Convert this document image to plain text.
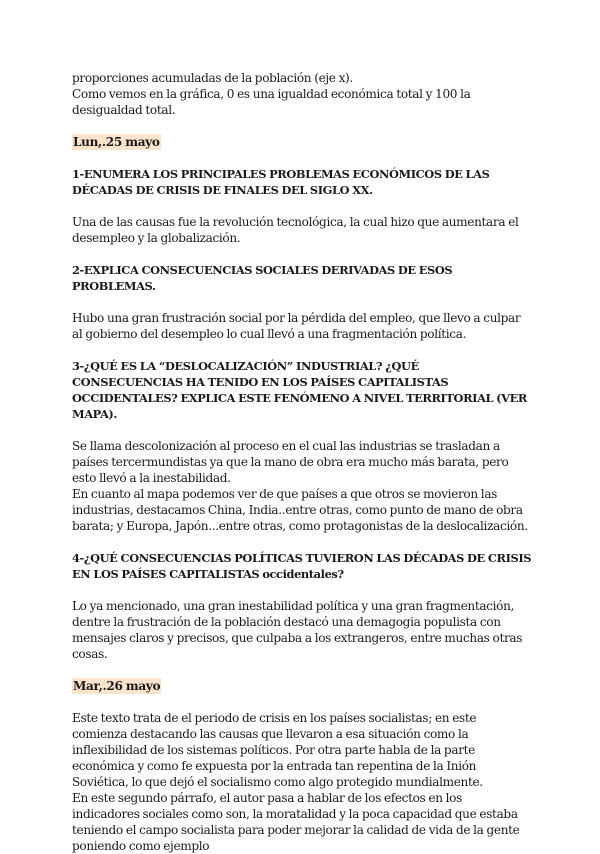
proporciones acumuladas de la población (eje x).

Como vemos en la gráfica, 0 es una igualdad económica total y 100 la desigualdad total.

Lun,.25 mayo

1-ENUMERA LOS PRINCIPALES PROBLEMAS ECONÓMICOS DE LAS DÉCADAS DE CRISIS DE FINALES DEL SIGLO XX.

Una de las causas fue la revolución tecnológica, la cual hizo que aumentara el desempleo y la globalización.

2-EXPLICA CONSECUENCIAS SOCIALES DERIVADAS DE ESOS PROBLEMAS.

Hubo una gran frustración social por la pérdida del empleo, que llevo a culpar al gobierno del desempleo lo cual llevó a una fragmentación política.

3-¿QUÉ ES LA “DESLOCALIZACIÓN” INDUSTRIAL? ¿QUÉ CONSECUENCIAS HA TENIDO EN LOS PAÍSES CAPITALISTAS OCCIDENTALES? EXPLICA ESTE FENÓMENO A NIVEL TERRITORIAL (VER MAPA).

Se llama descolonización al proceso en el cual las industrias se trasladan a países tercermundistas ya que la mano de obra era mucho más barata, pero esto llevó a la inestabilidad.

En cuanto al mapa podemos ver de que países a que otros se movieron las industrias, destacamos China, India..entre otras, como punto de mano de obra barata; y Europa, Japón...entre otras, como protagonistas de la deslocalización.

4-¿QUÉ CONSECUENCIAS POLÍTICAS TUVIERON LAS DÉCADAS DE CRISIS EN LOS PAÍSES CAPITALISTAS occidentales?

Lo ya mencionado, una gran inestabilidad política y una gran fragmentación, dentre la frustración de la población destacó una demagogia populista con mensajes claros y precisos, que culpaba a los extrangeros, entre muchas otras cosas.

Mar,.26 mayo

Este texto trata de el periodo de crisis en los países socialistas; en este comienza destacando las causas que llevaron a esa situación como la inflexibilidad de los sistemas políticos. Por otra parte habla de la parte económica y como fe expuesta por la entrada tan repentina de la Inión Soviética, lo que dejó el socialismo como algo protegido mundialmente.

En este segundo párrafo, el autor pasa a hablar de los efectos en los indicadores sociales como son, la moratalidad y la poca capacidad que estaba teniendo el campo socialista para poder mejorar la calidad de vida de la gente poniendo como ejemplo
